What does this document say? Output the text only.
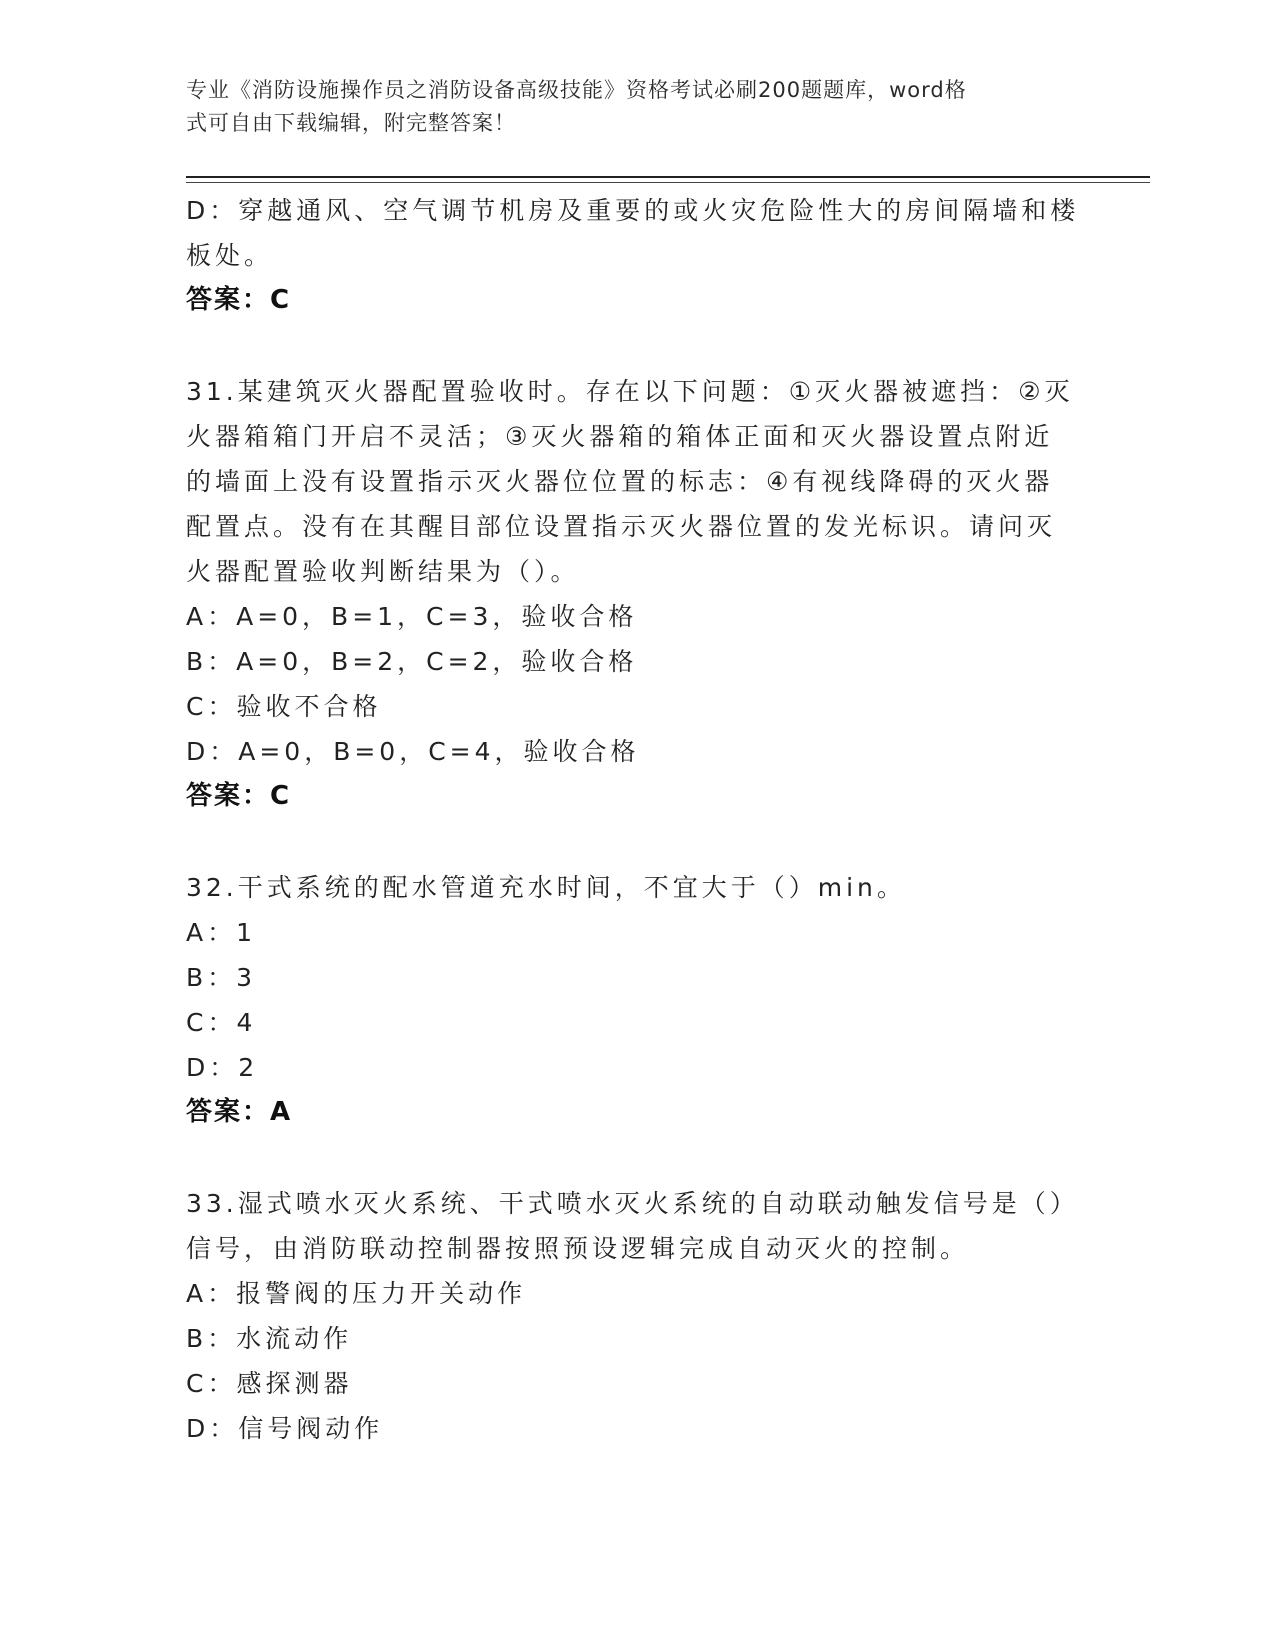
专业《消防设施操作员之消防设备高级技能》资格考试必刷200题题库，word格
式可自由下载编辑，附完整答案！
D：穿越通风、空气调节机房及重要的或火灾危险性大的房间隔墙和楼
板处。
答案：C
31.某建筑灭火器配置验收时。存在以下问题：①灭火器被遮挡：②灭
火器箱箱门开启不灵活；③灭火器箱的箱体正面和灭火器设置点附近
的墙面上没有设置指示灭火器位位置的标志：④有视线降碍的灭火器
配置点。没有在其醒目部位设置指示灭火器位置的发光标识。请问灭
火器配置验收判断结果为（）。
A：A=0，B=1，C=3，验收合格
B：A=0，B=2，C=2，验收合格
C：验收不合格
D：A=0，B=0，C=4，验收合格
答案：C
32.干式系统的配水管道充水时间，不宜大于（）min。
A：1
B：3
C：4
D：2
答案：A
33.湿式喷水灭火系统、干式喷水灭火系统的自动联动触发信号是（）
信号，由消防联动控制器按照预设逻辑完成自动灭火的控制。
A：报警阀的压力开关动作
B：水流动作
C：感探测器
D：信号阀动作
